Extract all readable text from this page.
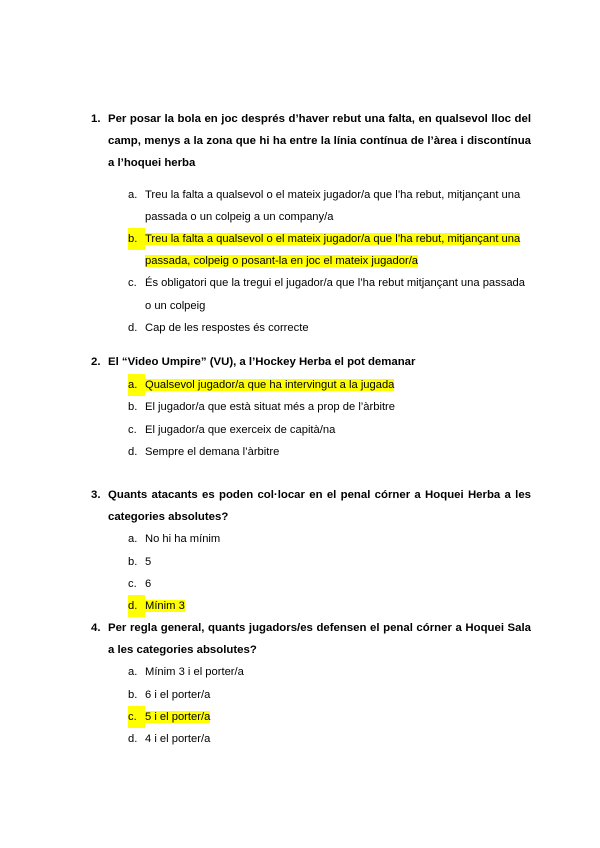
1. Per posar la bola en joc després d’haver rebut una falta, en qualsevol lloc del camp, menys a la zona que hi ha entre la línia contínua de l’àrea i discontínua a l’hoquei herba
a. Treu la falta a qualsevol o el mateix jugador/a que l’ha rebut, mitjançant una passada o un colpeig a un company/a
b. Treu la falta a qualsevol o el mateix jugador/a que l’ha rebut, mitjançant una passada, colpeig o posant-la en joc el mateix jugador/a
c. És obligatori que la tregui el jugador/a que l’ha rebut mitjançant una passada o un colpeig
d. Cap de les respostes és correcte
2. El “Video Umpire” (VU), a l’Hockey Herba el pot demanar
a. Qualsevol jugador/a que ha intervingut a la jugada
b. El jugador/a que està situat més a prop de l’àrbitre
c. El jugador/a que exerceix de capità/na
d. Sempre el demana l’àrbitre
3. Quants atacants es poden col·locar en el penal córner a Hoquei Herba a les categories absolutes?
a. No hi ha mínim
b. 5
c. 6
d. Mínim 3
4. Per regla general, quants jugadors/es defensen el penal córner a Hoquei Sala a les categories absolutes?
a. Mínim 3 i el porter/a
b. 6 i el porter/a
c. 5 i el porter/a
d. 4 i el porter/a
